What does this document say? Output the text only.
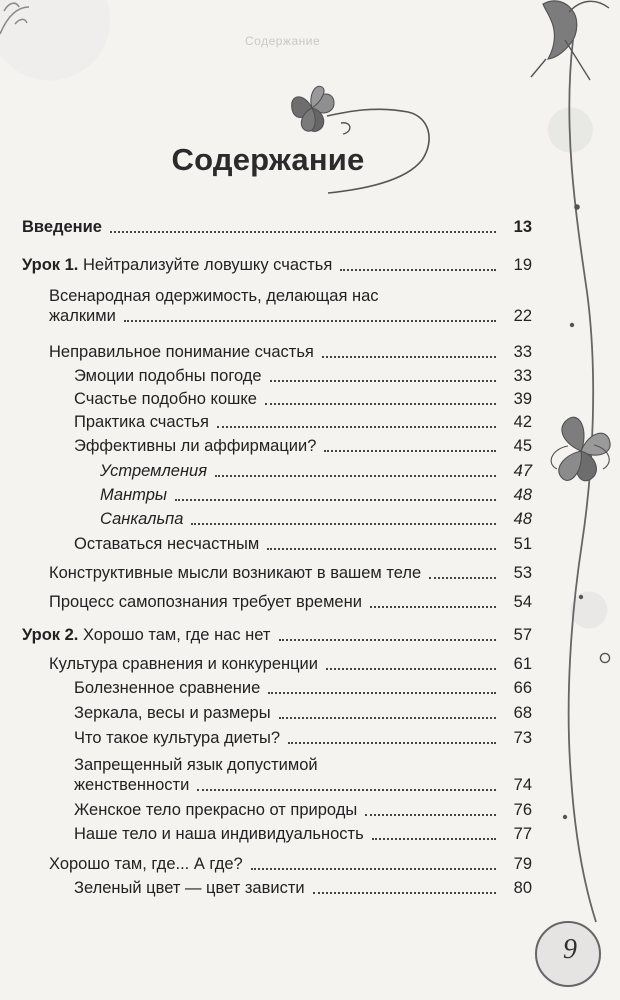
Содержание
Содержание
Введение	13
Урок 1. Нейтрализуйте ловушку счастья	19
Всенародная одержимость, делающая нас
жалкими	22
Неправильное понимание счастья	33
Эмоции подобны погоде	33
Счастье подобно кошке	39
Практика счастья	42
Эффективны ли аффирмации?	45
Устремления	47
Мантры	48
Санкальпа	48
Оставаться несчастным	51
Конструктивные мысли возникают в вашем теле	53
Процесс самопознания требует времени	54
Урок 2. Хорошо там, где нас нет	57
Культура сравнения и конкуренции	61
Болезненное сравнение	66
Зеркала, весы и размеры	68
Что такое культура диеты?	73
Запрещенный язык допустимой
женственности	74
Женское тело прекрасно от природы	76
Наше тело и наша индивидуальность	77
Хорошо там, где... А где?	79
Зеленый цвет — цвет зависти	80
9
